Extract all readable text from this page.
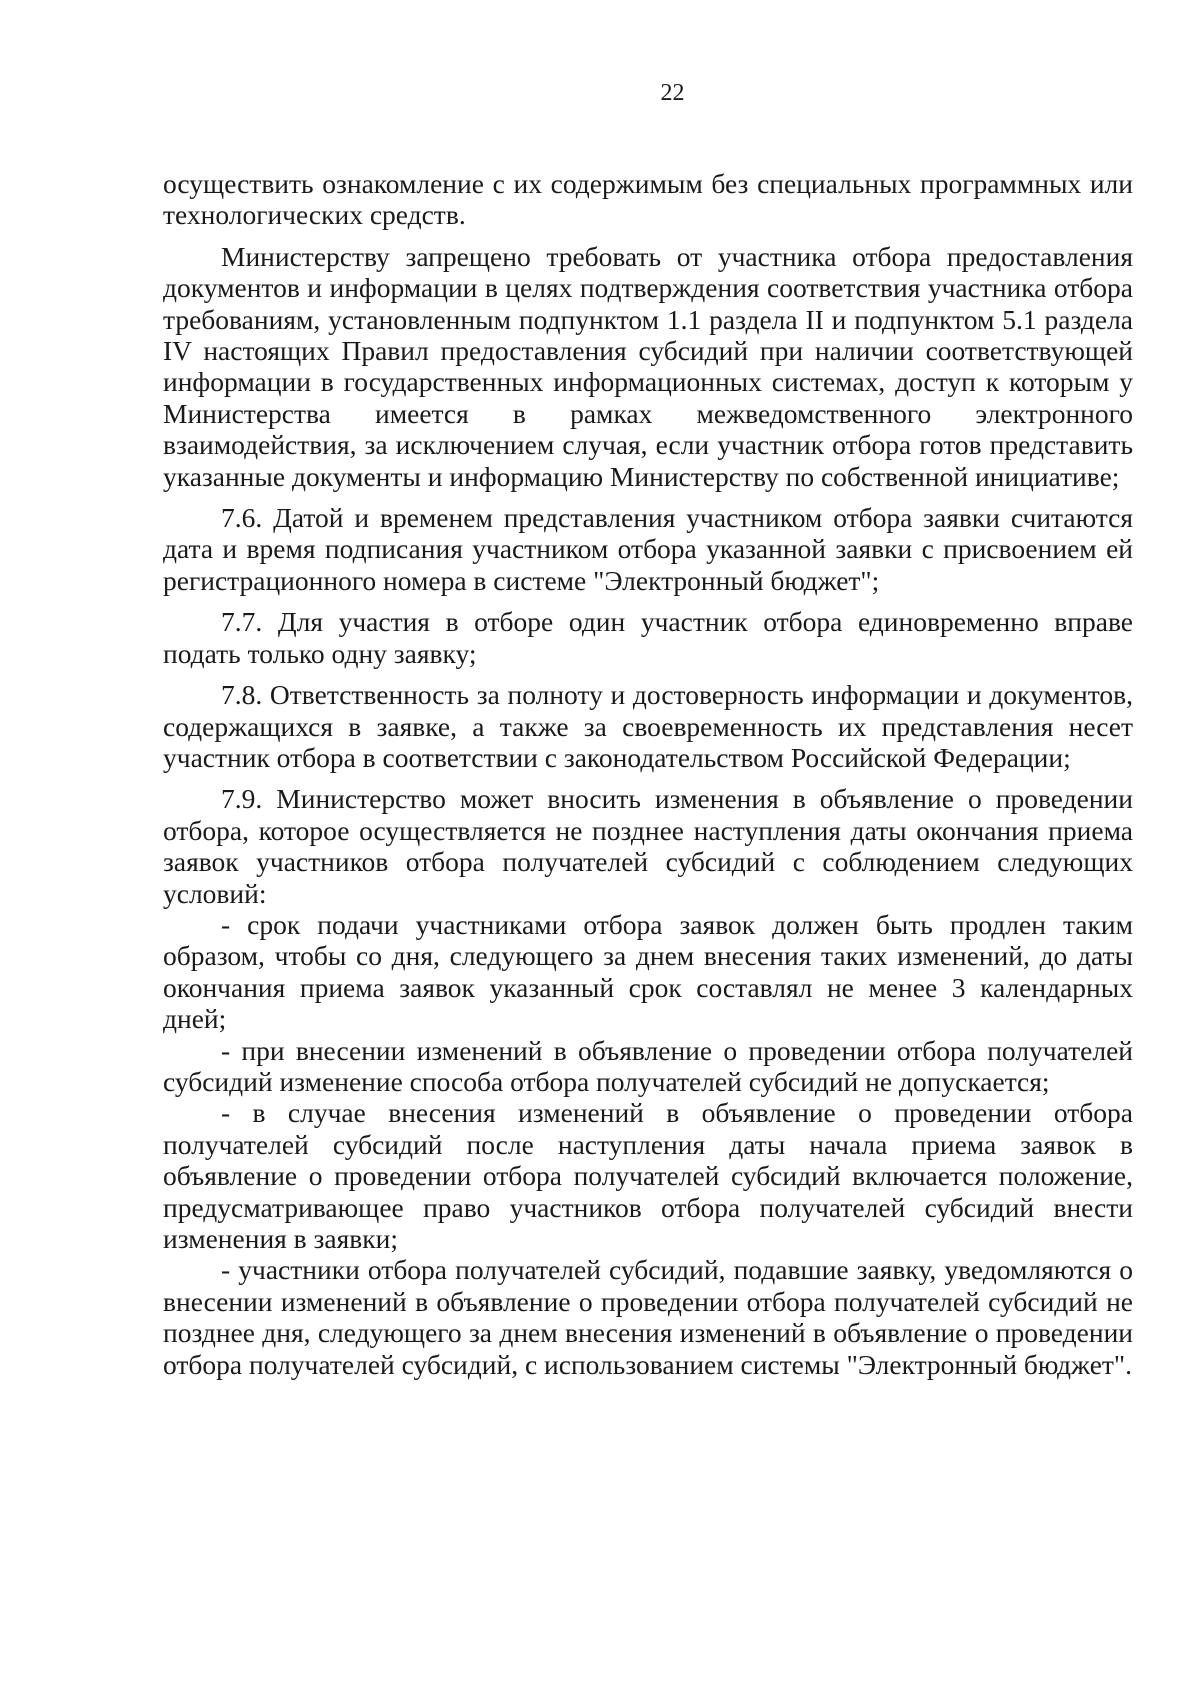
22

осуществить ознакомление с их содержимым без специальных программных или технологических средств.

Министерству запрещено требовать от участника отбора предоставления документов и информации в целях подтверждения соответствия участника отбора требованиям, установленным подпунктом 1.1 раздела II и подпунктом 5.1 раздела IV настоящих Правил предоставления субсидий при наличии соответствующей информации в государственных информационных системах, доступ к которым у Министерства имеется в рамках межведомственного электронного взаимодействия, за исключением случая, если участник отбора готов представить указанные документы и информацию Министерству по собственной инициативе;

7.6. Датой и временем представления участником отбора заявки считаются дата и время подписания участником отбора указанной заявки с присвоением ей регистрационного номера в системе "Электронный бюджет";

7.7. Для участия в отборе один участник отбора единовременно вправе подать только одну заявку;

7.8. Ответственность за полноту и достоверность информации и документов, содержащихся в заявке, а также за своевременность их представления несет участник отбора в соответствии с законодательством Российской Федерации;

7.9. Министерство может вносить изменения в объявление о проведении отбора, которое осуществляется не позднее наступления даты окончания приема заявок участников отбора получателей субсидий с соблюдением следующих условий:

- срок подачи участниками отбора заявок должен быть продлен таким образом, чтобы со дня, следующего за днем внесения таких изменений, до даты окончания приема заявок указанный срок составлял не менее 3 календарных дней;

- при внесении изменений в объявление о проведении отбора получателей субсидий изменение способа отбора получателей субсидий не допускается;

- в случае внесения изменений в объявление о проведении отбора получателей субсидий после наступления даты начала приема заявок в объявление о проведении отбора получателей субсидий включается положение, предусматривающее право участников отбора получателей субсидий внести изменения в заявки;

- участники отбора получателей субсидий, подавшие заявку, уведомляются о внесении изменений в объявление о проведении отбора получателей субсидий не позднее дня, следующего за днем внесения изменений в объявление о проведении отбора получателей субсидий, с использованием системы "Электронный бюджет".
